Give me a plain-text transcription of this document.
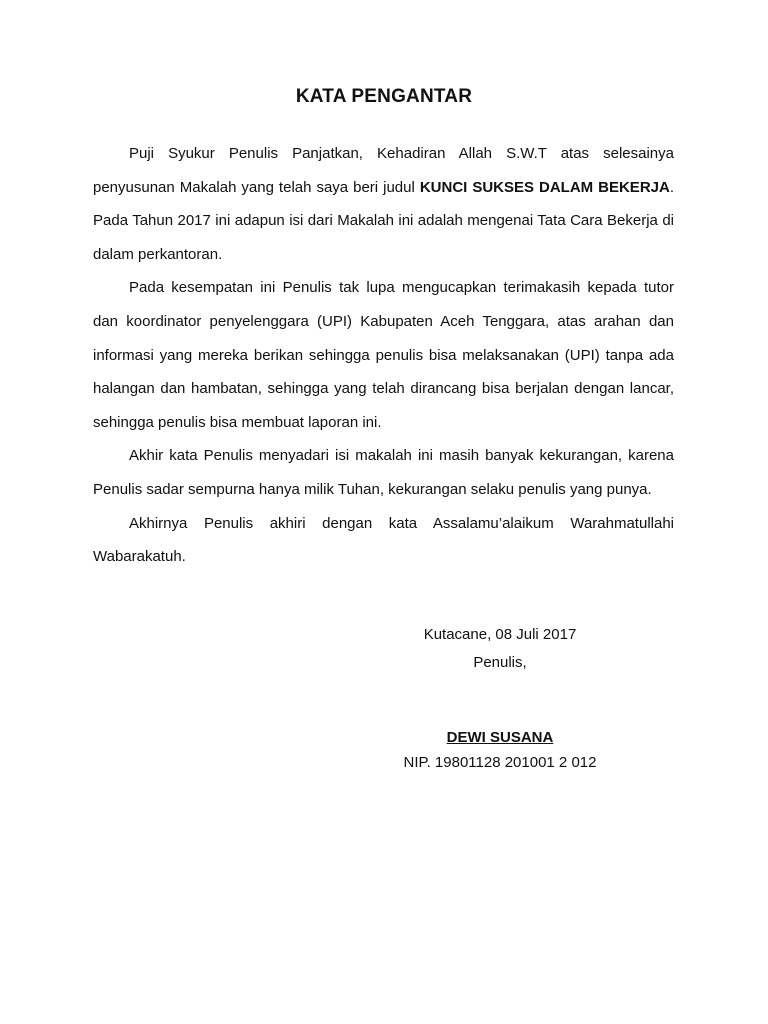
KATA PENGANTAR

Puji Syukur Penulis Panjatkan, Kehadiran Allah S.W.T atas selesainya penyusunan Makalah yang telah saya beri judul KUNCI SUKSES DALAM BEKERJA. Pada Tahun 2017 ini adapun isi dari Makalah ini adalah mengenai Tata Cara Bekerja di dalam perkantoran.

Pada kesempatan ini Penulis tak lupa mengucapkan terimakasih kepada tutor dan koordinator penyelenggara (UPI) Kabupaten Aceh Tenggara, atas arahan dan informasi yang mereka berikan sehingga penulis bisa melaksanakan (UPI) tanpa ada halangan dan hambatan, sehingga yang telah dirancang bisa berjalan dengan lancar, sehingga penulis bisa membuat laporan ini.

Akhir kata Penulis menyadari isi makalah ini masih banyak kekurangan, karena Penulis sadar sempurna hanya milik Tuhan, kekurangan selaku penulis yang punya.

Akhirnya Penulis akhiri dengan kata Assalamu’alaikum Warahmatullahi Wabarakatuh.

Kutacane, 08 Juli 2017
Penulis,
DEWI SUSANA
NIP. 19801128 201001 2 012
